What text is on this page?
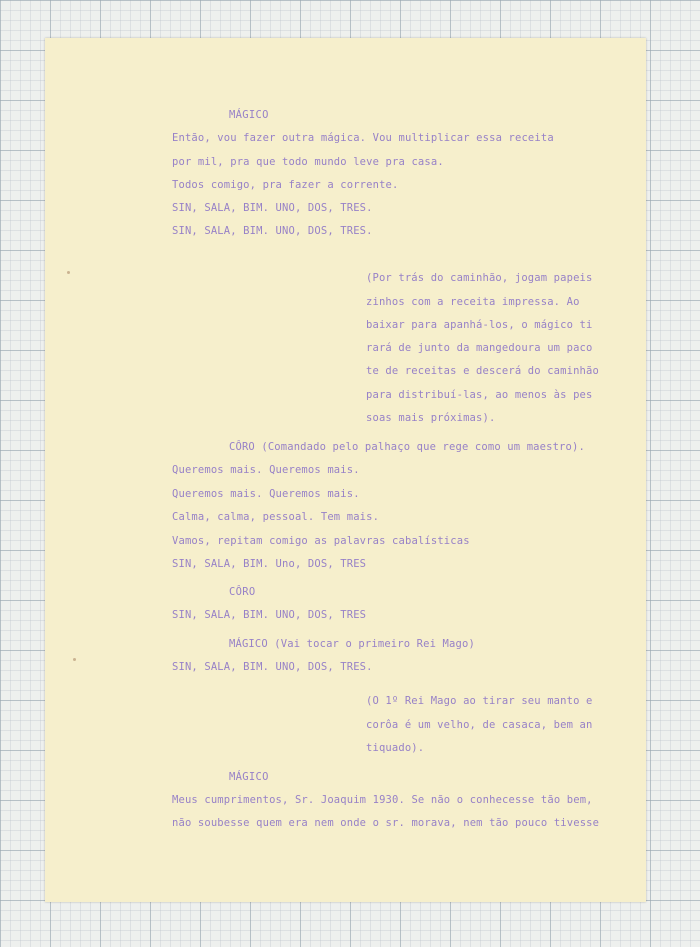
MÁGICO
Então, vou fazer outra mágica. Vou multiplicar essa receita
por mil, pra que todo mundo leve pra casa.
Todos comigo, pra fazer a corrente.
SIN, SALA, BIM. UNO, DOS, TRES.
SIN, SALA, BIM. UNO, DOS, TRES.
(Por trás do caminhão, jogam papeis
zinhos com a receita impressa. Ao
baixar para apanhá-los, o mágico ti
rará de junto da mangedoura um paco
te de receitas e descerá do caminhão
para distribuí-las, ao menos às pes
soas mais próximas).
CÔRO (Comandado pelo palhaço que rege como um maestro).
Queremos mais. Queremos mais.
Queremos mais. Queremos mais.
Calma, calma, pessoal. Tem mais.
Vamos, repitam comigo as palavras cabalísticas
SIN, SALA, BIM. Uno, DOS, TRES
CÔRO
SIN, SALA, BIM. UNO, DOS, TRES
MÁGICO (Vai tocar o primeiro Rei Mago)
SIN, SALA, BIM. UNO, DOS, TRES.
(O 1º Rei Mago ao tirar seu manto e
corôa é um velho, de casaca, bem an
tiquado).
MÁGICO
Meus cumprimentos, Sr. Joaquim 1930. Se não o conhecesse tão bem,
não soubesse quem era nem onde o sr. morava, nem tão pouco tivesse
